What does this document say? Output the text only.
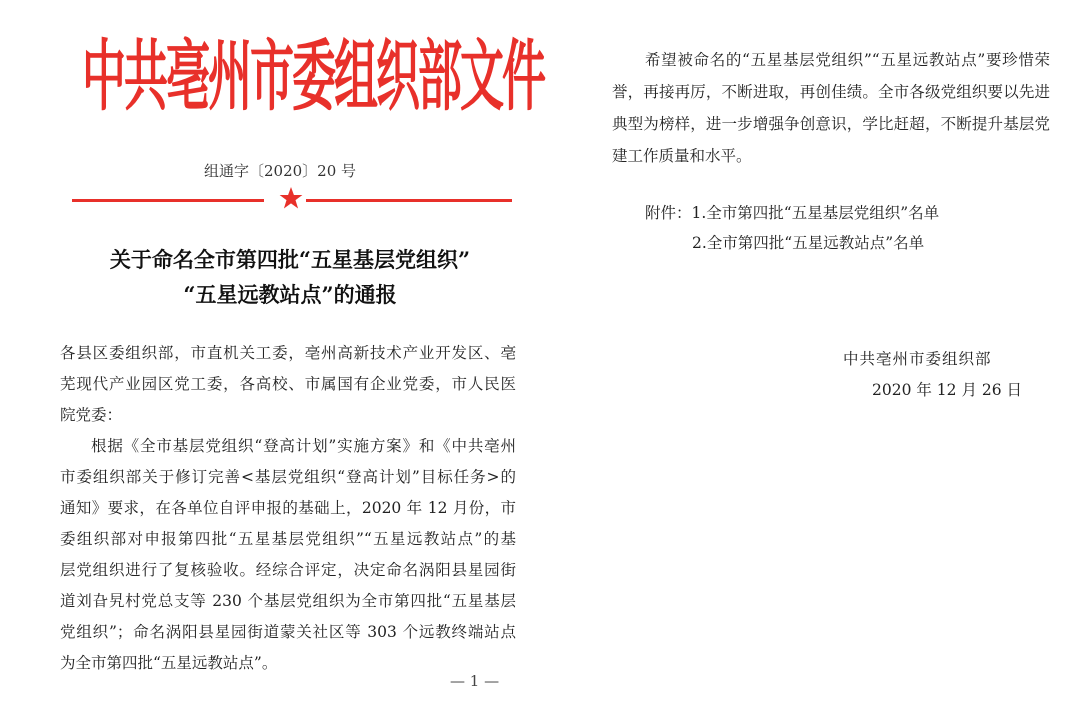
中共亳州市委组织部文件
组通字〔2020〕20 号
关于命名全市第四批“五星基层党组织”
“五星远教站点”的通报
各县区委组织部，市直机关工委，亳州高新技术产业开发区、亳
芜现代产业园区党工委，各高校、市属国有企业党委，市人民医
院党委：
根据《全市基层党组织“登高计划”实施方案》和《中共亳州
市委组织部关于修订完善<基层党组织“登高计划”目标任务>的
通知》要求，在各单位自评申报的基础上，2020 年 12 月份，市
委组织部对申报第四批“五星基层党组织”“五星远教站点”的基
层党组织进行了复核验收。经综合评定，决定命名涡阳县星园街
道刘旮旯村党总支等 230 个基层党组织为全市第四批“五星基层
党组织”；命名涡阳县星园街道蒙关社区等 303 个远教终端站点
为全市第四批“五星远教站点”。
— 1 —
希望被命名的“五星基层党组织”“五星远教站点”要珍惜荣
誉，再接再厉，不断进取，再创佳绩。全市各级党组织要以先进
典型为榜样，进一步增强争创意识，学比赶超，不断提升基层党
建工作质量和水平。
附件：1.全市第四批“五星基层党组织”名单
2.全市第四批“五星远教站点”名单
中共亳州市委组织部
2020 年 12 月 26 日
